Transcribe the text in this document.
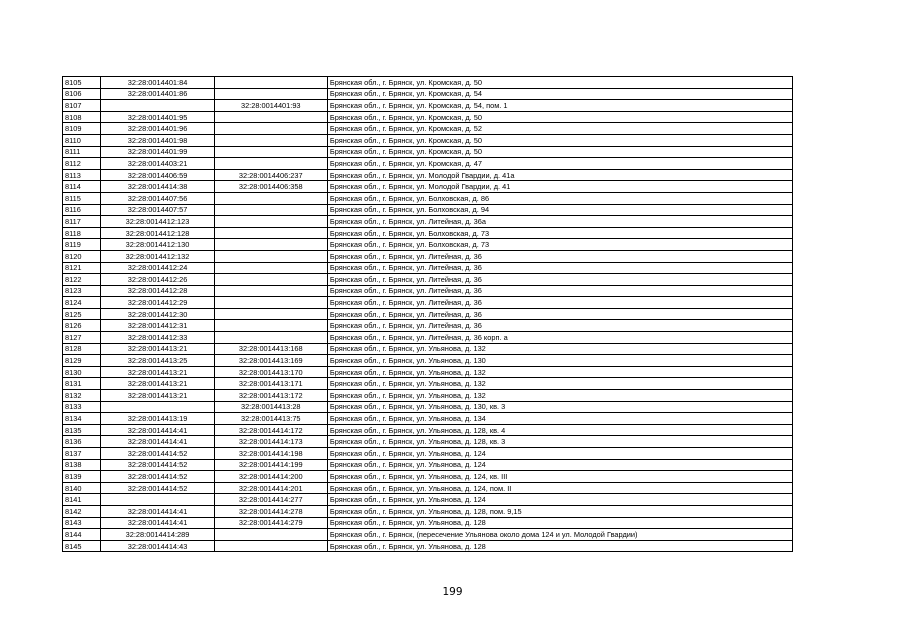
8105	32:28:0014401:84		Брянская обл., г. Брянск, ул. Кромская, д. 50
8106	32:28:0014401:86		Брянская обл., г. Брянск, ул. Кромская, д. 54
8107		32:28:0014401:93	Брянская обл., г. Брянск, ул. Кромская, д. 54, пом. 1
8108	32:28:0014401:95		Брянская обл., г. Брянск, ул. Кромская, д. 50
8109	32:28:0014401:96		Брянская обл., г. Брянск, ул. Кромская, д. 52
8110	32:28:0014401:98		Брянская обл., г. Брянск, ул. Кромская, д. 50
8111	32:28:0014401:99		Брянская обл., г. Брянск, ул. Кромская, д. 50
8112	32:28:0014403:21		Брянская обл., г. Брянск, ул. Кромская, д. 47
8113	32:28:0014406:59	32:28:0014406:237	Брянская обл., г. Брянск, ул. Молодой Гвардии, д. 41а
8114	32:28:0014414:38	32:28:0014406:358	Брянская обл., г. Брянск, ул. Молодой Гвардии, д. 41
8115	32:28:0014407:56		Брянская обл., г. Брянск, ул. Болховская, д. 86
8116	32:28:0014407:57		Брянская обл., г. Брянск, ул. Болховская, д. 94
8117	32:28:0014412:123		Брянская обл., г. Брянск, ул. Литейная, д. 36а
8118	32:28:0014412:128		Брянская обл., г. Брянск, ул. Болховская, д. 73
8119	32:28:0014412:130		Брянская обл., г. Брянск, ул. Болховская, д. 73
8120	32:28:0014412:132		Брянская обл., г. Брянск, ул. Литейная, д. 36
8121	32:28:0014412:24		Брянская обл., г. Брянск, ул. Литейная, д. 36
8122	32:28:0014412:26		Брянская обл., г. Брянск, ул. Литейная, д. 36
8123	32:28:0014412:28		Брянская обл., г. Брянск, ул. Литейная, д. 36
8124	32:28:0014412:29		Брянская обл., г. Брянск, ул. Литейная, д. 36
8125	32:28:0014412:30		Брянская обл., г. Брянск, ул. Литейная, д. 36
8126	32:28:0014412:31		Брянская обл., г. Брянск, ул. Литейная, д. 36
8127	32:28:0014412:33		Брянская обл., г. Брянск, ул. Литейная, д. 36 корп. а
8128	32:28:0014413:21	32:28:0014413:168	Брянская обл., г. Брянск, ул. Ульянова, д. 132
8129	32:28:0014413:25	32:28:0014413:169	Брянская обл., г. Брянск, ул. Ульянова, д. 130
8130	32:28:0014413:21	32:28:0014413:170	Брянская обл., г. Брянск, ул. Ульянова, д. 132
8131	32:28:0014413:21	32:28:0014413:171	Брянская обл., г. Брянск, ул. Ульянова, д. 132
8132	32:28:0014413:21	32:28:0014413:172	Брянская обл., г. Брянск, ул. Ульянова, д. 132
8133		32:28:0014413:28	Брянская обл., г. Брянск, ул. Ульянова, д. 130, кв. 3
8134	32:28:0014413:19	32:28:0014413:75	Брянская обл., г. Брянск, ул. Ульянова, д. 134
8135	32:28:0014414:41	32:28:0014414:172	Брянская обл., г. Брянск, ул. Ульянова, д. 128, кв. 4
8136	32:28:0014414:41	32:28:0014414:173	Брянская обл., г. Брянск, ул. Ульянова, д. 128, кв. 3
8137	32:28:0014414:52	32:28:0014414:198	Брянская обл., г. Брянск, ул. Ульянова, д. 124
8138	32:28:0014414:52	32:28:0014414:199	Брянская обл., г. Брянск, ул. Ульянова, д. 124
8139	32:28:0014414:52	32:28:0014414:200	Брянская обл., г. Брянск, ул. Ульянова, д. 124, кв. III
8140	32:28:0014414:52	32:28:0014414:201	Брянская обл., г. Брянск, ул. Ульянова, д. 124, пом. II
8141		32:28:0014414:277	Брянская обл., г. Брянск, ул. Ульянова, д. 124
8142	32:28:0014414:41	32:28:0014414:278	Брянская обл., г. Брянск, ул. Ульянова, д. 128, пом. 9,15
8143	32:28:0014414:41	32:28:0014414:279	Брянская обл., г. Брянск, ул. Ульянова, д. 128
8144	32:28:0014414:289		Брянская обл., г. Брянск, (пересечение Ульянова около дома 124 и ул. Молодой Гвардии)
8145	32:28:0014414:43		Брянская обл., г. Брянск, ул. Ульянова, д. 128
199
